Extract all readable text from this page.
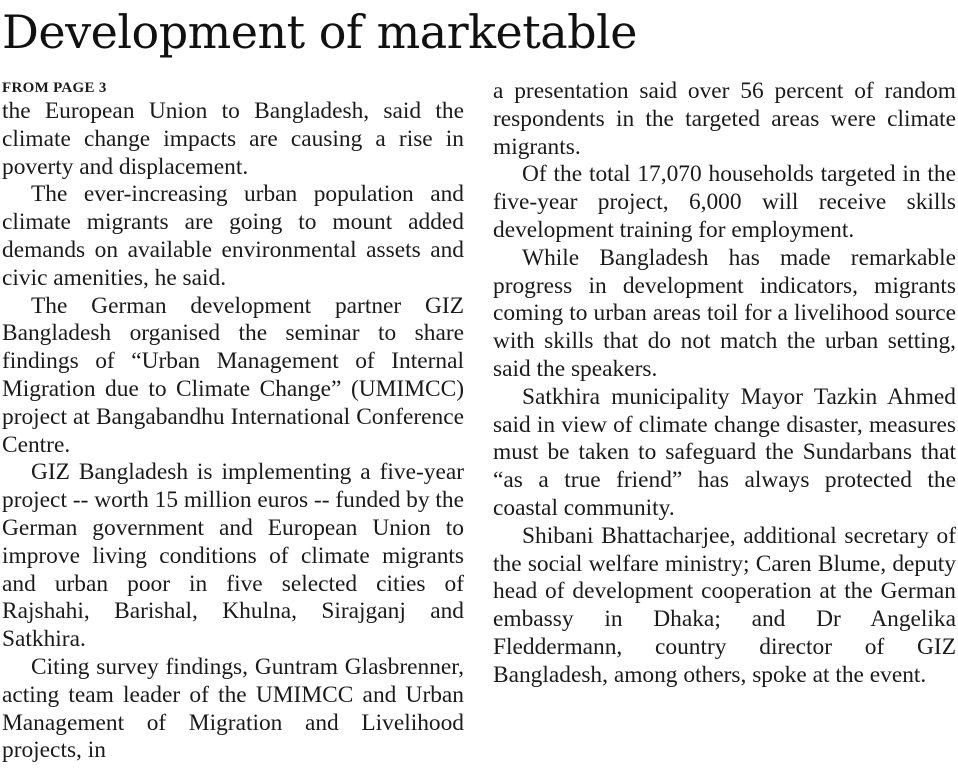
Development of marketable
FROM PAGE 3

the European Union to Bangladesh, said the climate change impacts are causing a rise in poverty and displacement.

The ever-increasing urban population and climate migrants are going to mount added demands on available environmental assets and civic amenities, he said.

The German development partner GIZ Bangladesh organised the seminar to share findings of “Urban Management of Internal Migration due to Climate Change” (UMIMCC) project at Bangabandhu International Conference Centre.

GIZ Bangladesh is implementing a five-year project -- worth 15 million euros -- funded by the German government and European Union to improve living conditions of climate migrants and urban poor in five selected cities of Rajshahi, Barishal, Khulna, Sirajganj and Satkhira.

Citing survey findings, Guntram Glasbrenner, acting team leader of the UMIMCC and Urban Management of Migration and Livelihood projects, in

a presentation said over 56 percent of random respondents in the targeted areas were climate migrants.

Of the total 17,070 households targeted in the five-year project, 6,000 will receive skills development training for employment.

While Bangladesh has made remarkable progress in development indicators, migrants coming to urban areas toil for a livelihood source with skills that do not match the urban setting, said the speakers.

Satkhira municipality Mayor Tazkin Ahmed said in view of climate change disaster, measures must be taken to safeguard the Sundarbans that “as a true friend” has always protected the coastal community.

Shibani Bhattacharjee, additional secretary of the social welfare ministry; Caren Blume, deputy head of development cooperation at the German embassy in Dhaka; and Dr Angelika Fleddermann, country director of GIZ Bangladesh, among others, spoke at the event.
